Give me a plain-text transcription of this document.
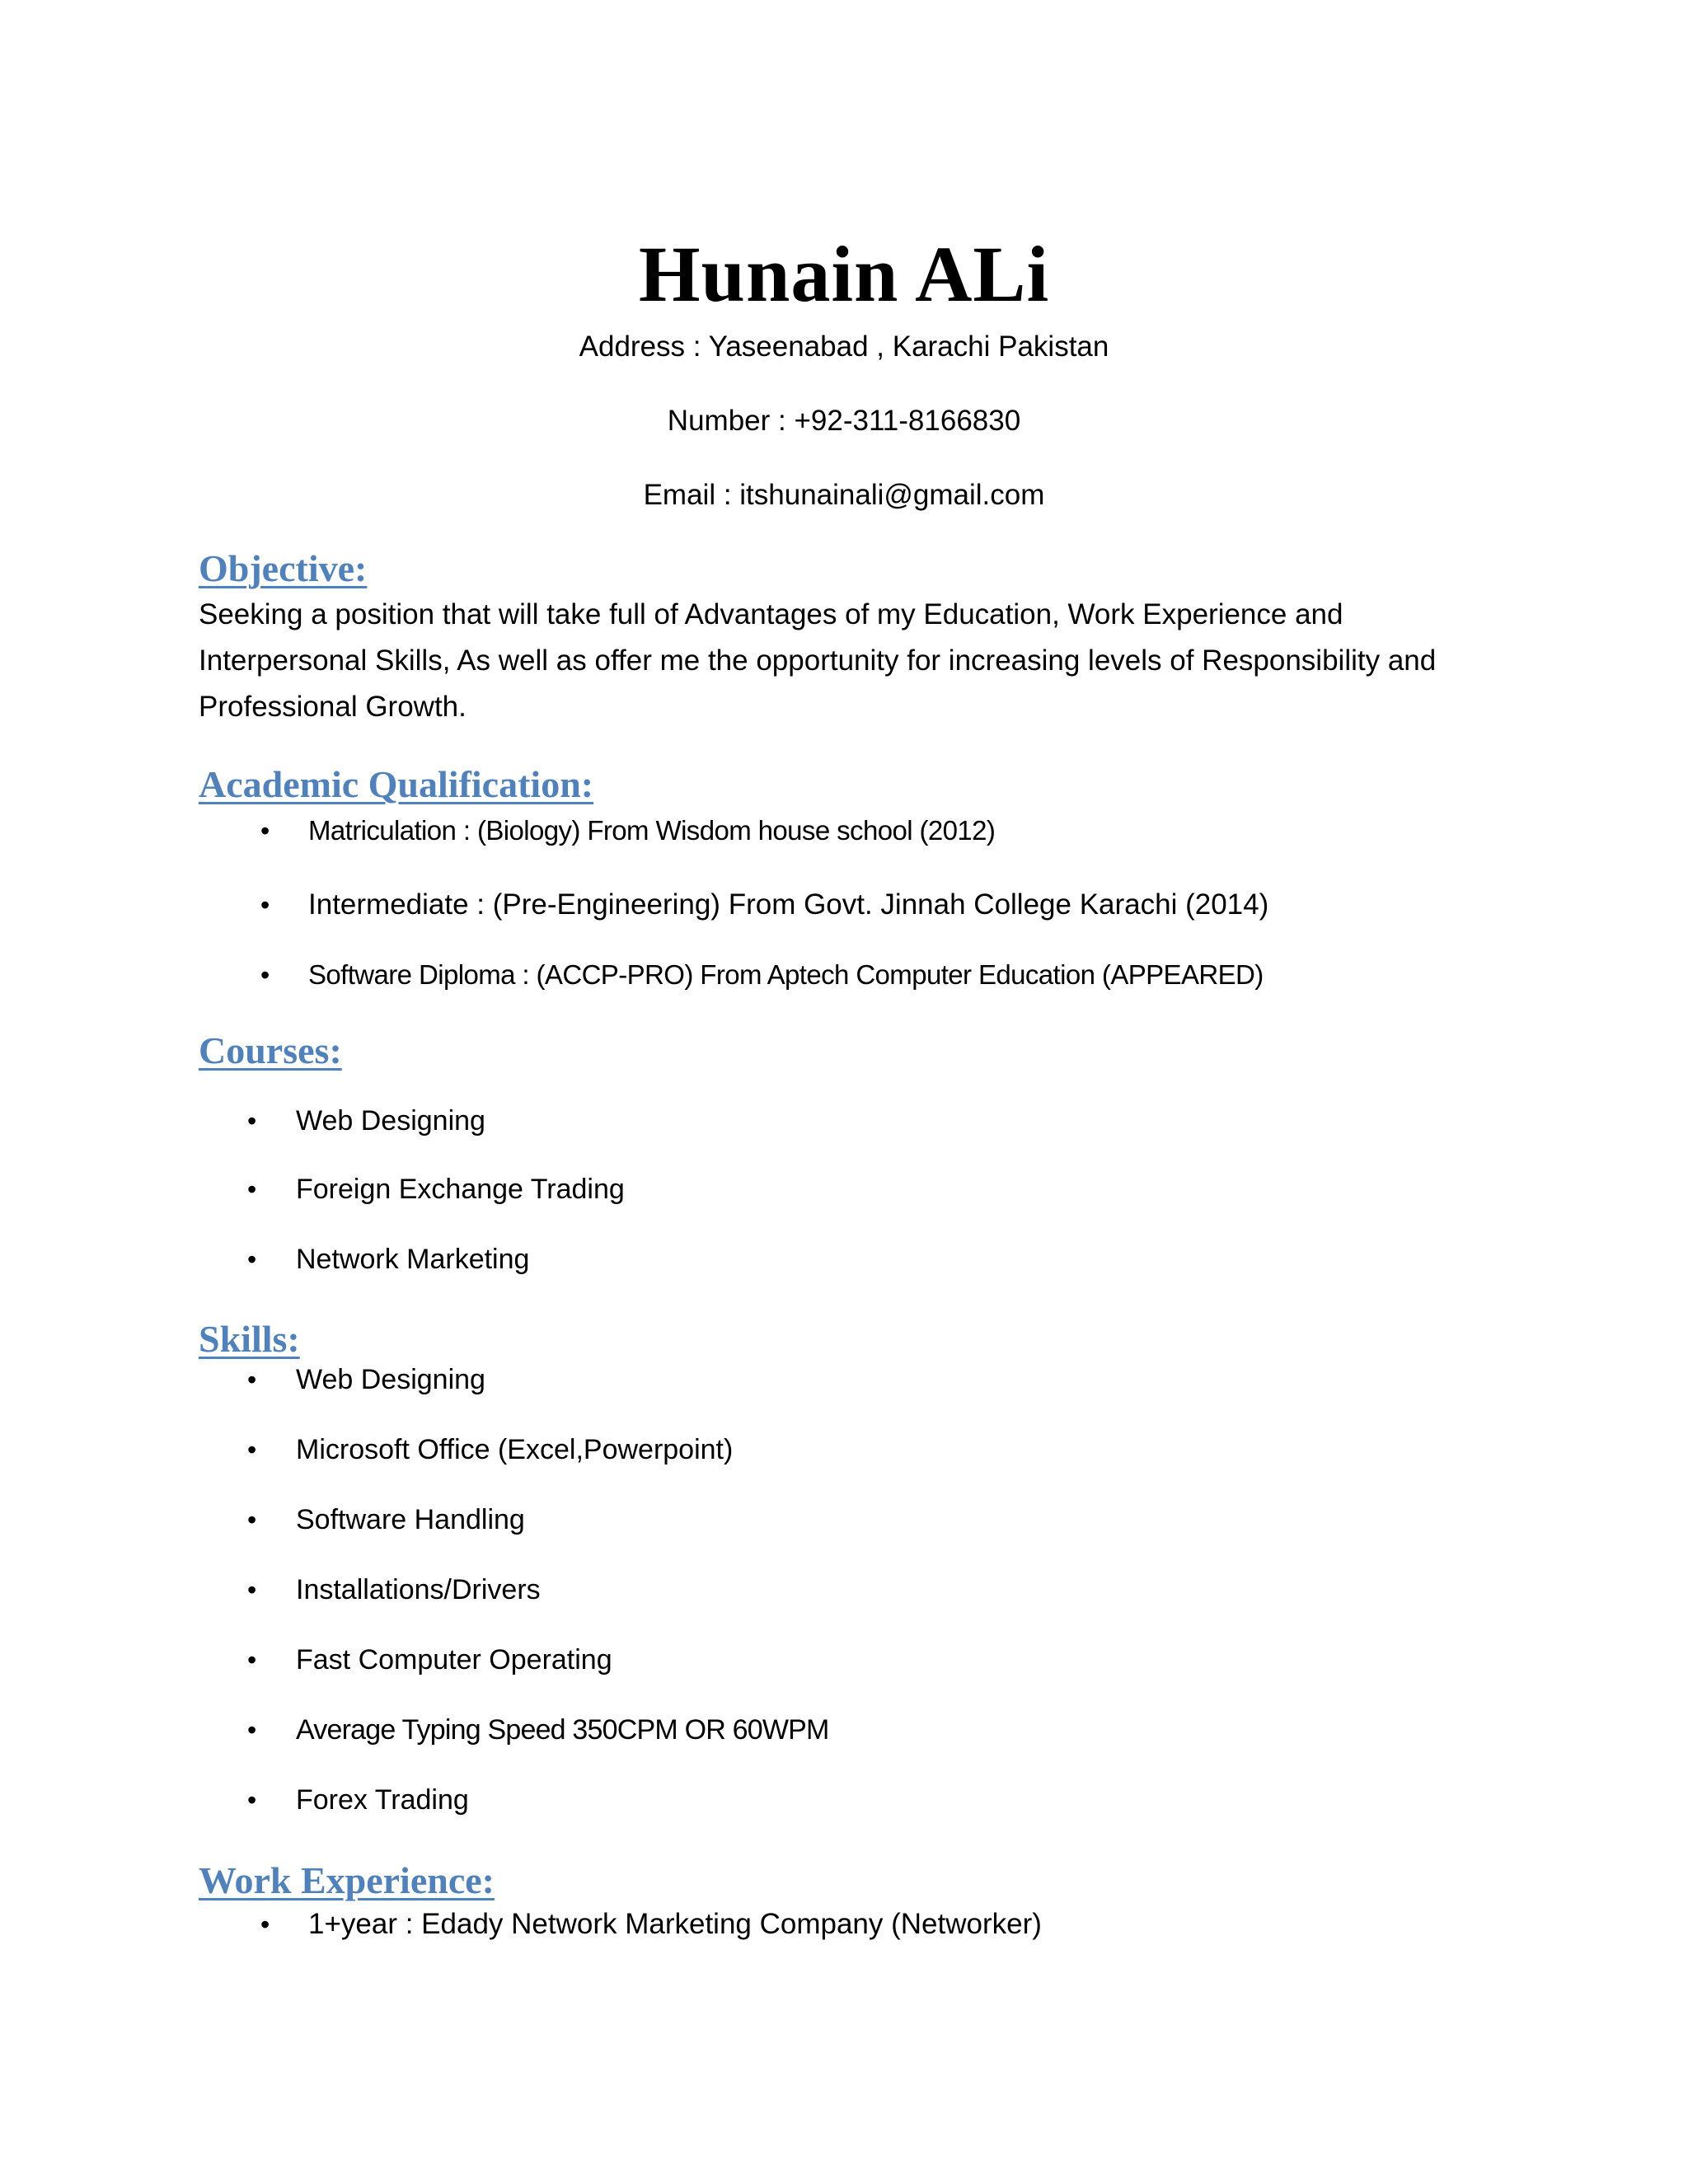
Hunain ALi
Address : Yaseenabad , Karachi Pakistan
Number : +92-311-8166830
Email : itshunainali@gmail.com
Objective:
Seeking a position that will take full of Advantages of my Education, Work Experience and Interpersonal Skills, As well as offer me the opportunity for increasing levels of Responsibility and Professional Growth.
Academic Qualification:
• Matriculation : (Biology) From Wisdom house school (2012)
• Intermediate : (Pre-Engineering) From Govt. Jinnah College Karachi (2014)
• Software Diploma : (ACCP-PRO) From Aptech Computer Education (APPEARED)
Courses:
• Web Designing
• Foreign Exchange Trading
• Network Marketing
Skills:
• Web Designing
• Microsoft Office (Excel,Powerpoint)
• Software Handling
• Installations/Drivers
• Fast Computer Operating
• Average Typing Speed 350CPM OR 60WPM
• Forex Trading
Work Experience:
• 1+year : Edady Network Marketing Company (Networker)
